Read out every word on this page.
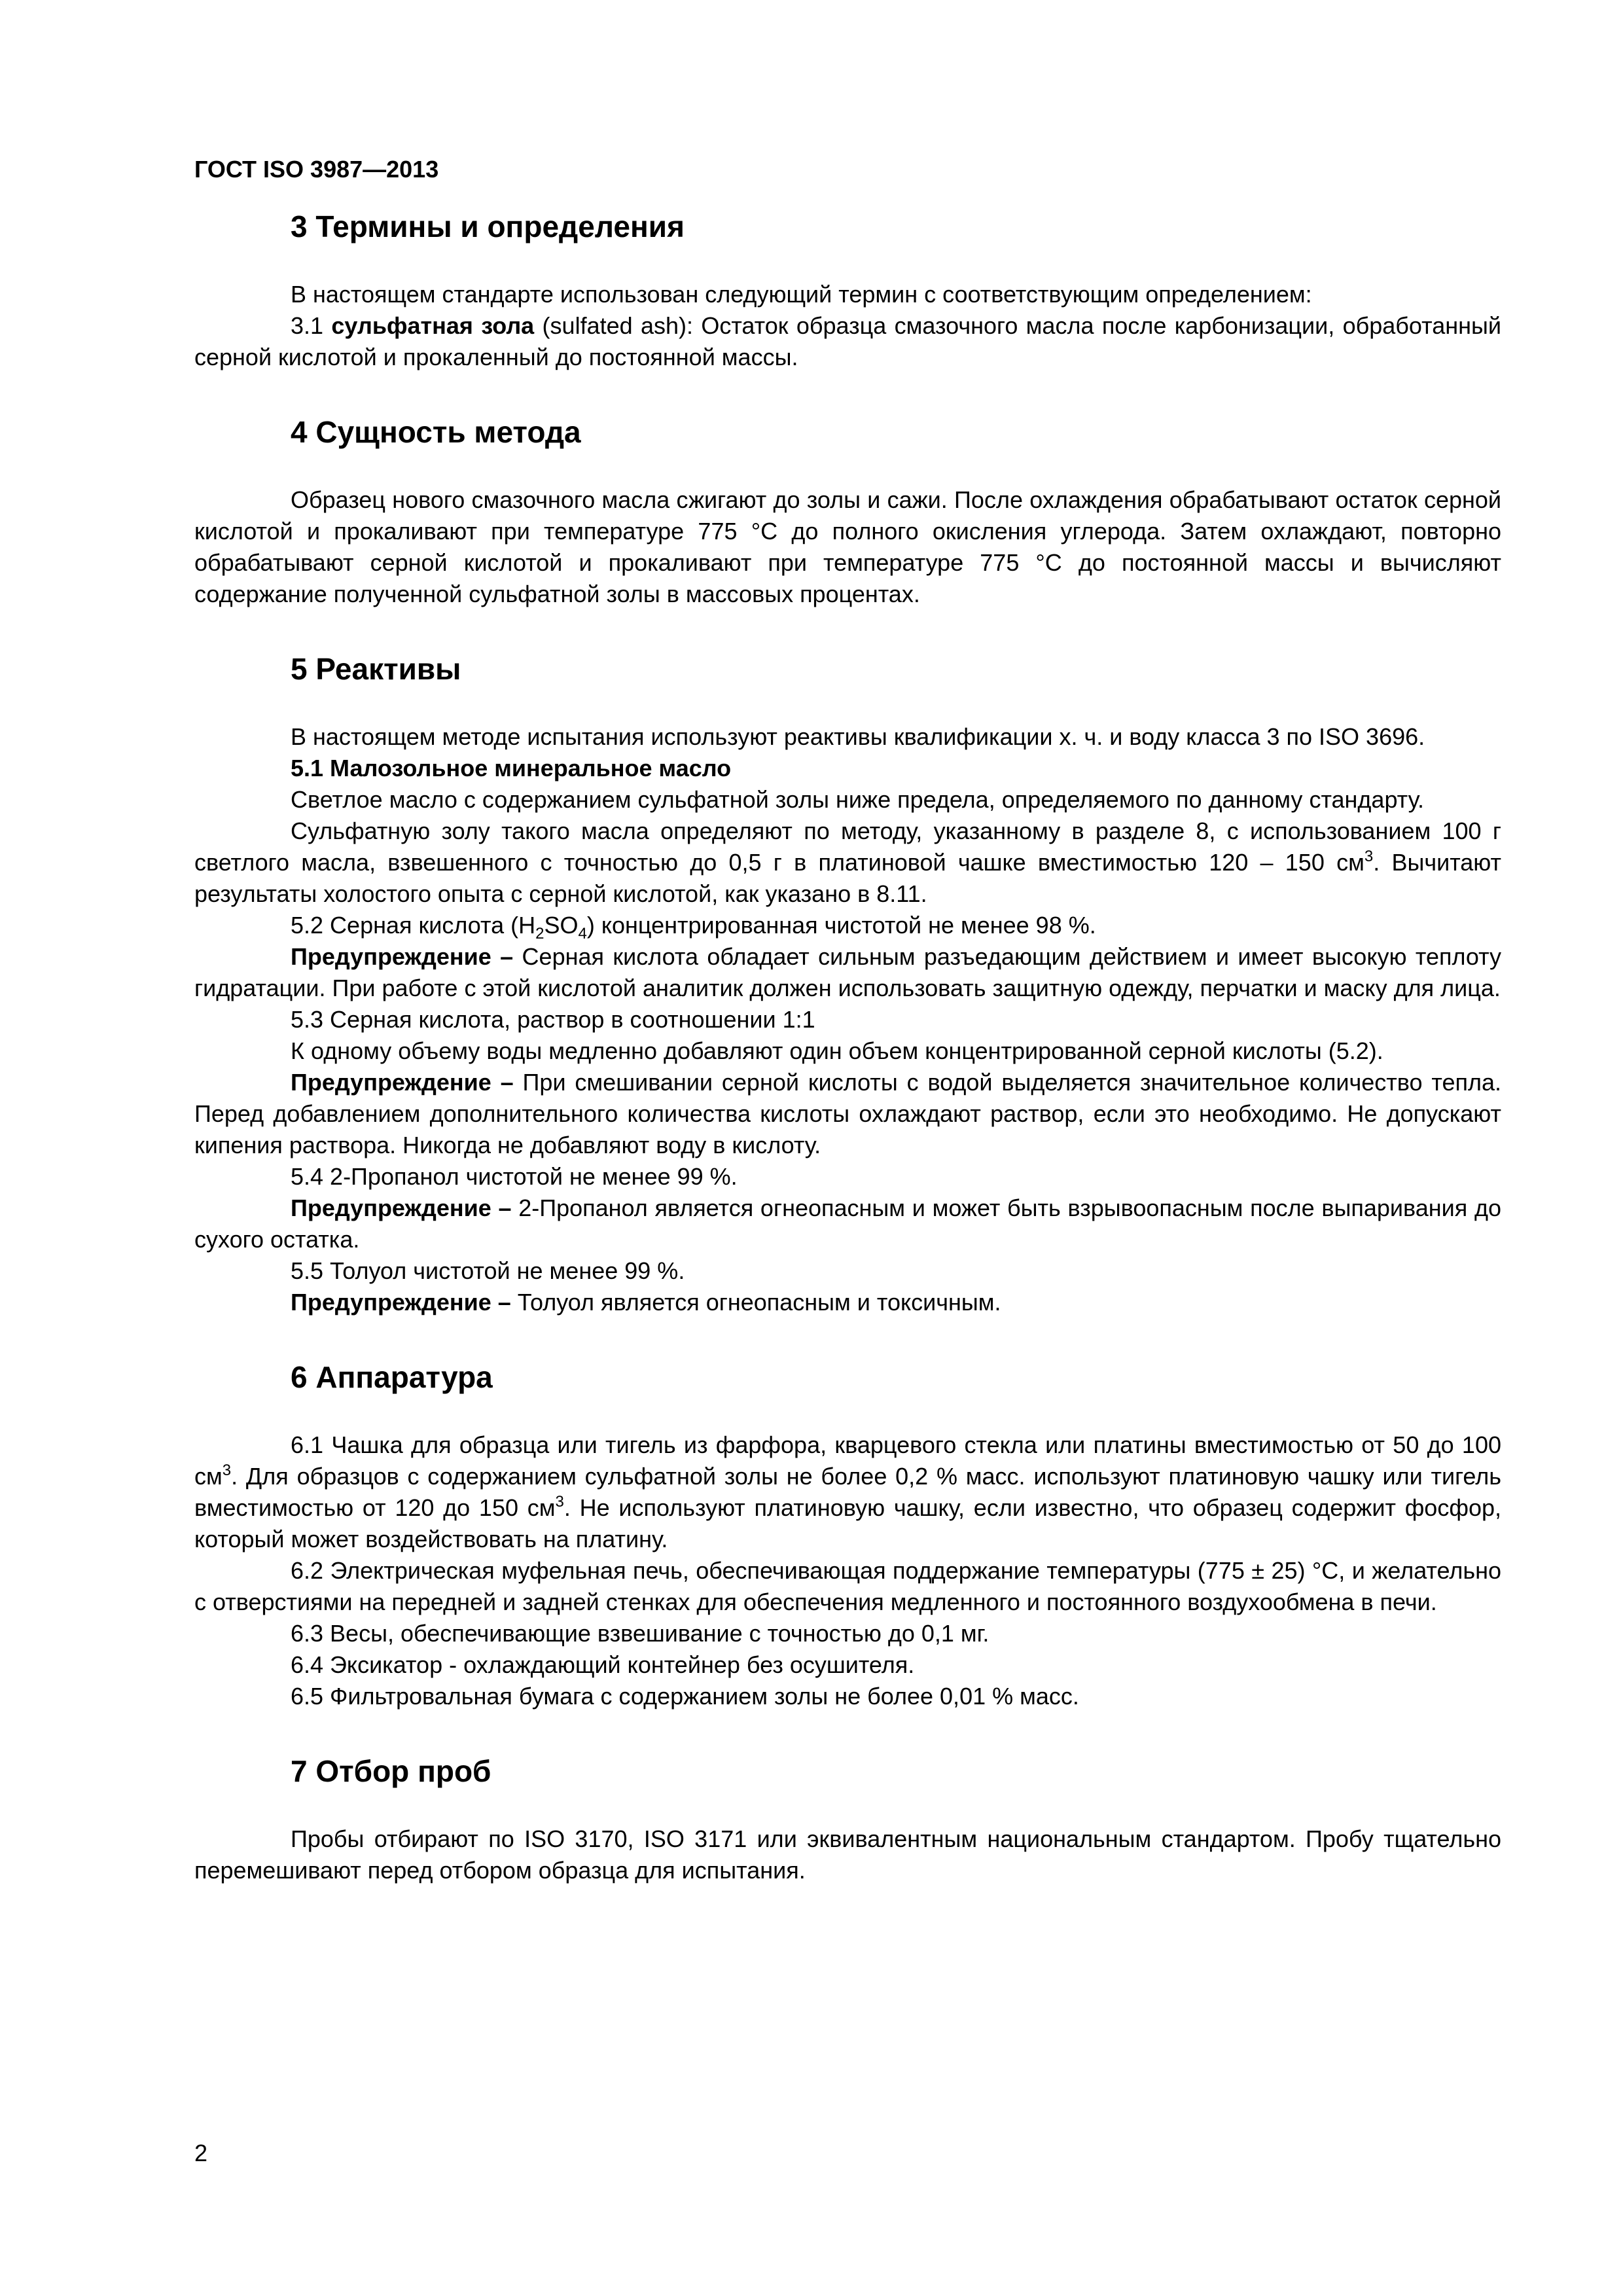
ГОСТ ISO 3987—2013
3 Термины и определения

В настоящем стандарте использован следующий термин с соответствующим определением:

3.1 сульфатная зола (sulfated ash): Остаток образца смазочного масла после карбонизации, обработанный серной кислотой и прокаленный до постоянной массы.

4 Сущность метода

Образец нового смазочного масла сжигают до золы и сажи. После охлаждения обрабатывают остаток серной кислотой и прокаливают при температуре 775 °С до полного окисления углерода. Затем охлаждают, повторно обрабатывают серной кислотой и прокаливают при температуре 775 °С до постоянной массы и вычисляют содержание полученной сульфатной золы в массовых процентах.

5 Реактивы

В настоящем методе испытания используют реактивы квалификации х. ч. и воду класса 3 по ISO 3696.

5.1 Малозольное минеральное масло

Светлое масло с содержанием сульфатной золы ниже предела, определяемого по данному стандарту.

Сульфатную золу такого масла определяют по методу, указанному в разделе 8, с использованием 100 г светлого масла, взвешенного с точностью до 0,5 г в платиновой чашке вместимостью 120 – 150 $см^3$. Вычитают результаты холостого опыта с серной кислотой, как указано в 8.11.

5.2 Серная кислота $(H_2SO_4)$ концентрированная чистотой не менее 98 %.

Предупреждение – Серная кислота обладает сильным разъедающим действием и имеет высокую теплоту гидратации. При работе с этой кислотой аналитик должен использовать защитную одежду, перчатки и маску для лица.

5.3 Серная кислота, раствор в соотношении 1:1

К одному объему воды медленно добавляют один объем концентрированной серной кислоты (5.2).

Предупреждение – При смешивании серной кислоты с водой выделяется значительное количество тепла. Перед добавлением дополнительного количества кислоты охлаждают раствор, если это необходимо. Не допускают кипения раствора. Никогда не добавляют воду в кислоту.

5.4 2-Пропанол чистотой не менее 99 %.

Предупреждение – 2-Пропанол является огнеопасным и может быть взрывоопасным после выпаривания до сухого остатка.

5.5 Толуол чистотой не менее 99 %.

Предупреждение – Толуол является огнеопасным и токсичным.

6 Аппаратура

6.1 Чашка для образца или тигель из фарфора, кварцевого стекла или платины вместимостью от 50 до 100 $см^3$. Для образцов с содержанием сульфатной золы не более 0,2 % масс. используют платиновую чашку или тигель вместимостью от 120 до 150 $см^3$. Не используют платиновую чашку, если известно, что образец содержит фосфор, который может воздействовать на платину.

6.2 Электрическая муфельная печь, обеспечивающая поддержание температуры (775 ± 25) °С, и желательно с отверстиями на передней и задней стенках для обеспечения медленного и постоянного воздухообмена в печи.

6.3 Весы, обеспечивающие взвешивание с точностью до 0,1 мг.

6.4 Эксикатор - охлаждающий контейнер без осушителя.

6.5 Фильтровальная бумага с содержанием золы не более 0,01 % масс.

7 Отбор проб

Пробы отбирают по ISO 3170, ISO 3171 или эквивалентным национальным стандартом. Пробу тщательно перемешивают перед отбором образца для испытания.

2
